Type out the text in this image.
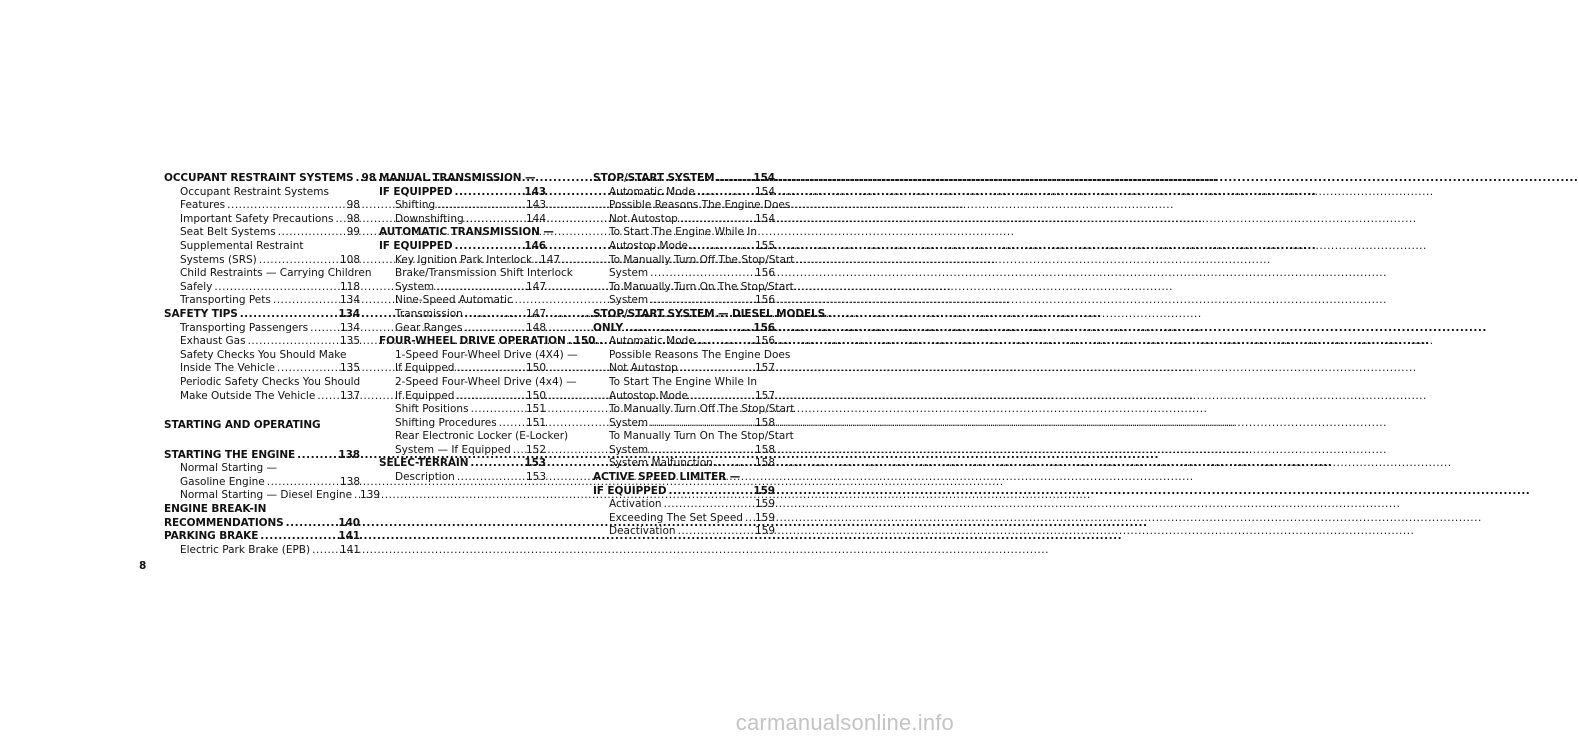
OCCUPANT RESTRAINT SYSTEMS ..... 98
Occupant Restraint Systems
Features .....	98
Important Safety Precautions ..... 98
Seat Belt Systems .....	99
Supplemental Restraint
Systems (SRS) .....	108
Child Restraints — Carrying Children
Safely .....	118
Transporting Pets .....	134
SAFETY TIPS .....	134
Transporting Passengers .....	134
Exhaust Gas .....	135
Safety Checks You Should Make
Inside The Vehicle .....	135
Periodic Safety Checks You Should
Make Outside The Vehicle ..... 137
STARTING AND OPERATING
STARTING THE ENGINE .....	138
Normal Starting —
Gasoline Engine .....	138
Normal Starting — Diesel Engine ..... 139
ENGINE BREAK-IN
RECOMMENDATIONS .....	140
PARKING BRAKE .....	141
Electric Park Brake (EPB) .....	141
MANUAL TRANSMISSION —
IF EQUIPPED .....	143
Shifting .....	143
Downshifting .....	144
AUTOMATIC TRANSMISSION —
IF EQUIPPED .....	146
Key Ignition Park Interlock ..... 147
Brake/Transmission Shift Interlock
System .....	147
Nine-Speed Automatic
Transmission .....	147
Gear Ranges .....	148
FOUR-WHEEL DRIVE OPERATION ..... 150
1-Speed Four-Wheel Drive (4X4) —
If Equipped .....	150
2-Speed Four-Wheel Drive (4x4) —
If Equipped .....	150
Shift Positions .....	151
Shifting Procedures .....	151
Rear Electronic Locker (E-Locker)
System — If Equipped ..... 152
SELEC-TERRAIN .....	153
Description .....	153
STOP/START SYSTEM .....	154
Automatic Mode .....	154
Possible Reasons The Engine Does
Not Autostop .....	154
To Start The Engine While In
Autostop Mode .....	155
To Manually Turn Off The Stop/Start
System .....	156
To Manually Turn On The Stop/Start
System .....	156
STOP/START SYSTEM — DIESEL MODELS
ONLY .....	156
Automatic Mode .....	156
Possible Reasons The Engine Does
Not Autostop .....	157
To Start The Engine While In
Autostop Mode .....	157
To Manually Turn Off The Stop/Start
System .....	158
To Manually Turn On The Stop/Start
System .....	158
System Malfunction .....	158
ACTIVE SPEED LIMITER —
IF EQUIPPED .....	159
Activation .....	159
Exceeding The Set Speed ..... 159
Deactivation .....	159
8
carmanualsonline.info
